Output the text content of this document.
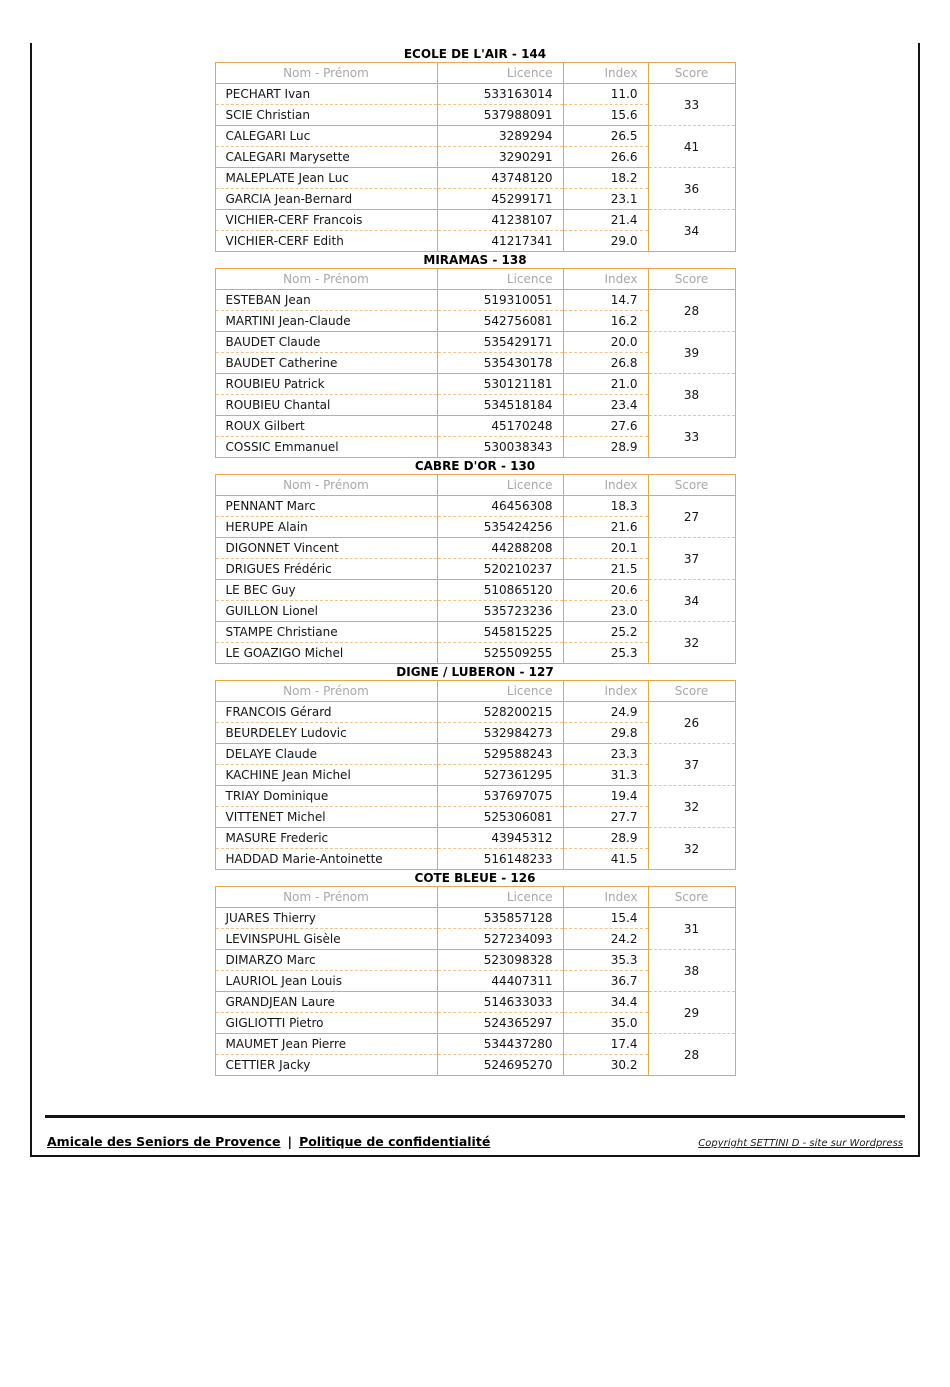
ECOLE DE L'AIR - 144
Nom - Prénom	Licence	Index	Score
PECHART Ivan	533163014	11.0	33
SCIE Christian	537988091	15.6	
CALEGARI Luc	3289294	26.5	41
CALEGARI Marysette	3290291	26.6	
MALEPLATE Jean Luc	43748120	18.2	36
GARCIA Jean-Bernard	45299171	23.1	
VICHIER-CERF Francois	41238107	21.4	34
VICHIER-CERF Edith	41217341	29.0	
MIRAMAS - 138
Nom - Prénom	Licence	Index	Score
ESTEBAN Jean	519310051	14.7	28
MARTINI Jean-Claude	542756081	16.2	
BAUDET Claude	535429171	20.0	39
BAUDET Catherine	535430178	26.8	
ROUBIEU Patrick	530121181	21.0	38
ROUBIEU Chantal	534518184	23.4	
ROUX Gilbert	45170248	27.6	33
COSSIC Emmanuel	530038343	28.9	
CABRE D'OR - 130
Nom - Prénom	Licence	Index	Score
PENNANT Marc	46456308	18.3	27
HERUPE Alain	535424256	21.6	
DIGONNET Vincent	44288208	20.1	37
DRIGUES Frédéric	520210237	21.5	
LE BEC Guy	510865120	20.6	34
GUILLON Lionel	535723236	23.0	
STAMPE Christiane	545815225	25.2	32
LE GOAZIGO Michel	525509255	25.3	
DIGNE / LUBERON - 127
Nom - Prénom	Licence	Index	Score
FRANCOIS Gérard	528200215	24.9	26
BEURDELEY Ludovic	532984273	29.8	
DELAYE Claude	529588243	23.3	37
KACHINE Jean Michel	527361295	31.3	
TRIAY Dominique	537697075	19.4	32
VITTENET Michel	525306081	27.7	
MASURE Frederic	43945312	28.9	32
HADDAD Marie-Antoinette	516148233	41.5	
COTE BLEUE - 126
Nom - Prénom	Licence	Index	Score
JUARES Thierry	535857128	15.4	31
LEVINSPUHL Gisèle	527234093	24.2	
DIMARZO Marc	523098328	35.3	38
LAURIOL Jean Louis	44407311	36.7	
GRANDJEAN Laure	514633033	34.4	29
GIGLIOTTI Pietro	524365297	35.0	
MAUMET Jean Pierre	534437280	17.4	28
CETTIER Jacky	524695270	30.2	
Amicale des Seniors de Provence | Politique de confidentialité	Copyright SETTINI D - site sur Wordpress
